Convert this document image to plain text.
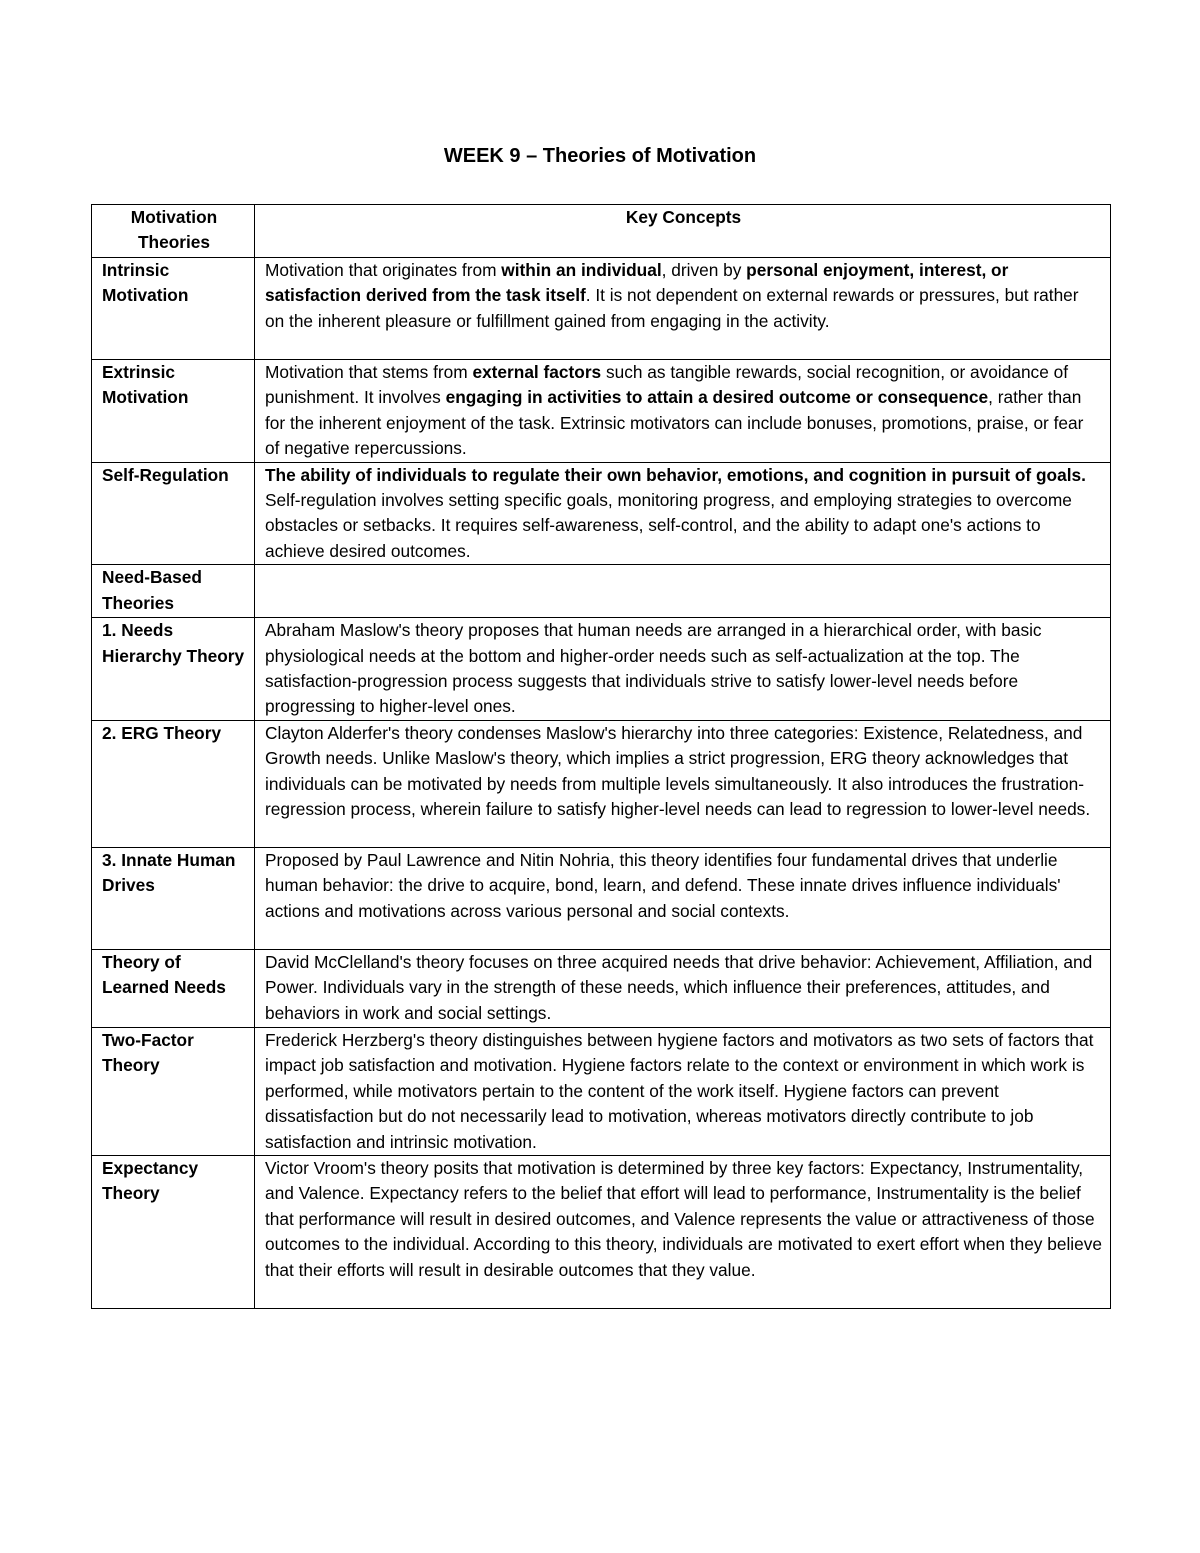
WEEK 9 – Theories of Motivation
Motivation Theories	Key Concepts

Intrinsic Motivation	Motivation that originates from within an individual, driven by personal enjoyment, interest, or satisfaction derived from the task itself. It is not dependent on external rewards or pressures, but rather on the inherent pleasure or fulfillment gained from engaging in the activity.

Extrinsic Motivation	Motivation that stems from external factors such as tangible rewards, social recognition, or avoidance of punishment. It involves engaging in activities to attain a desired outcome or consequence, rather than for the inherent enjoyment of the task. Extrinsic motivators can include bonuses, promotions, praise, or fear of negative repercussions.

Self-Regulation	The ability of individuals to regulate their own behavior, emotions, and cognition in pursuit of goals. Self-regulation involves setting specific goals, monitoring progress, and employing strategies to overcome obstacles or setbacks. It requires self-awareness, self-control, and the ability to adapt one's actions to achieve desired outcomes.

Need-Based Theories	

1. Needs Hierarchy Theory	Abraham Maslow's theory proposes that human needs are arranged in a hierarchical order, with basic physiological needs at the bottom and higher-order needs such as self-actualization at the top. The satisfaction-progression process suggests that individuals strive to satisfy lower-level needs before progressing to higher-level ones.

2. ERG Theory	Clayton Alderfer's theory condenses Maslow's hierarchy into three categories: Existence, Relatedness, and Growth needs. Unlike Maslow's theory, which implies a strict progression, ERG theory acknowledges that individuals can be motivated by needs from multiple levels simultaneously. It also introduces the frustration-regression process, wherein failure to satisfy higher-level needs can lead to regression to lower-level needs.

3. Innate Human Drives	Proposed by Paul Lawrence and Nitin Nohria, this theory identifies four fundamental drives that underlie human behavior: the drive to acquire, bond, learn, and defend. These innate drives influence individuals' actions and motivations across various personal and social contexts.

Theory of Learned Needs	David McClelland's theory focuses on three acquired needs that drive behavior: Achievement, Affiliation, and Power. Individuals vary in the strength of these needs, which influence their preferences, attitudes, and behaviors in work and social settings.

Two-Factor Theory	Frederick Herzberg's theory distinguishes between hygiene factors and motivators as two sets of factors that impact job satisfaction and motivation. Hygiene factors relate to the context or environment in which work is performed, while motivators pertain to the content of the work itself. Hygiene factors can prevent dissatisfaction but do not necessarily lead to motivation, whereas motivators directly contribute to job satisfaction and intrinsic motivation.

Expectancy Theory	Victor Vroom's theory posits that motivation is determined by three key factors: Expectancy, Instrumentality, and Valence. Expectancy refers to the belief that effort will lead to performance, Instrumentality is the belief that performance will result in desired outcomes, and Valence represents the value or attractiveness of those outcomes to the individual. According to this theory, individuals are motivated to exert effort when they believe that their efforts will result in desirable outcomes that they value.
